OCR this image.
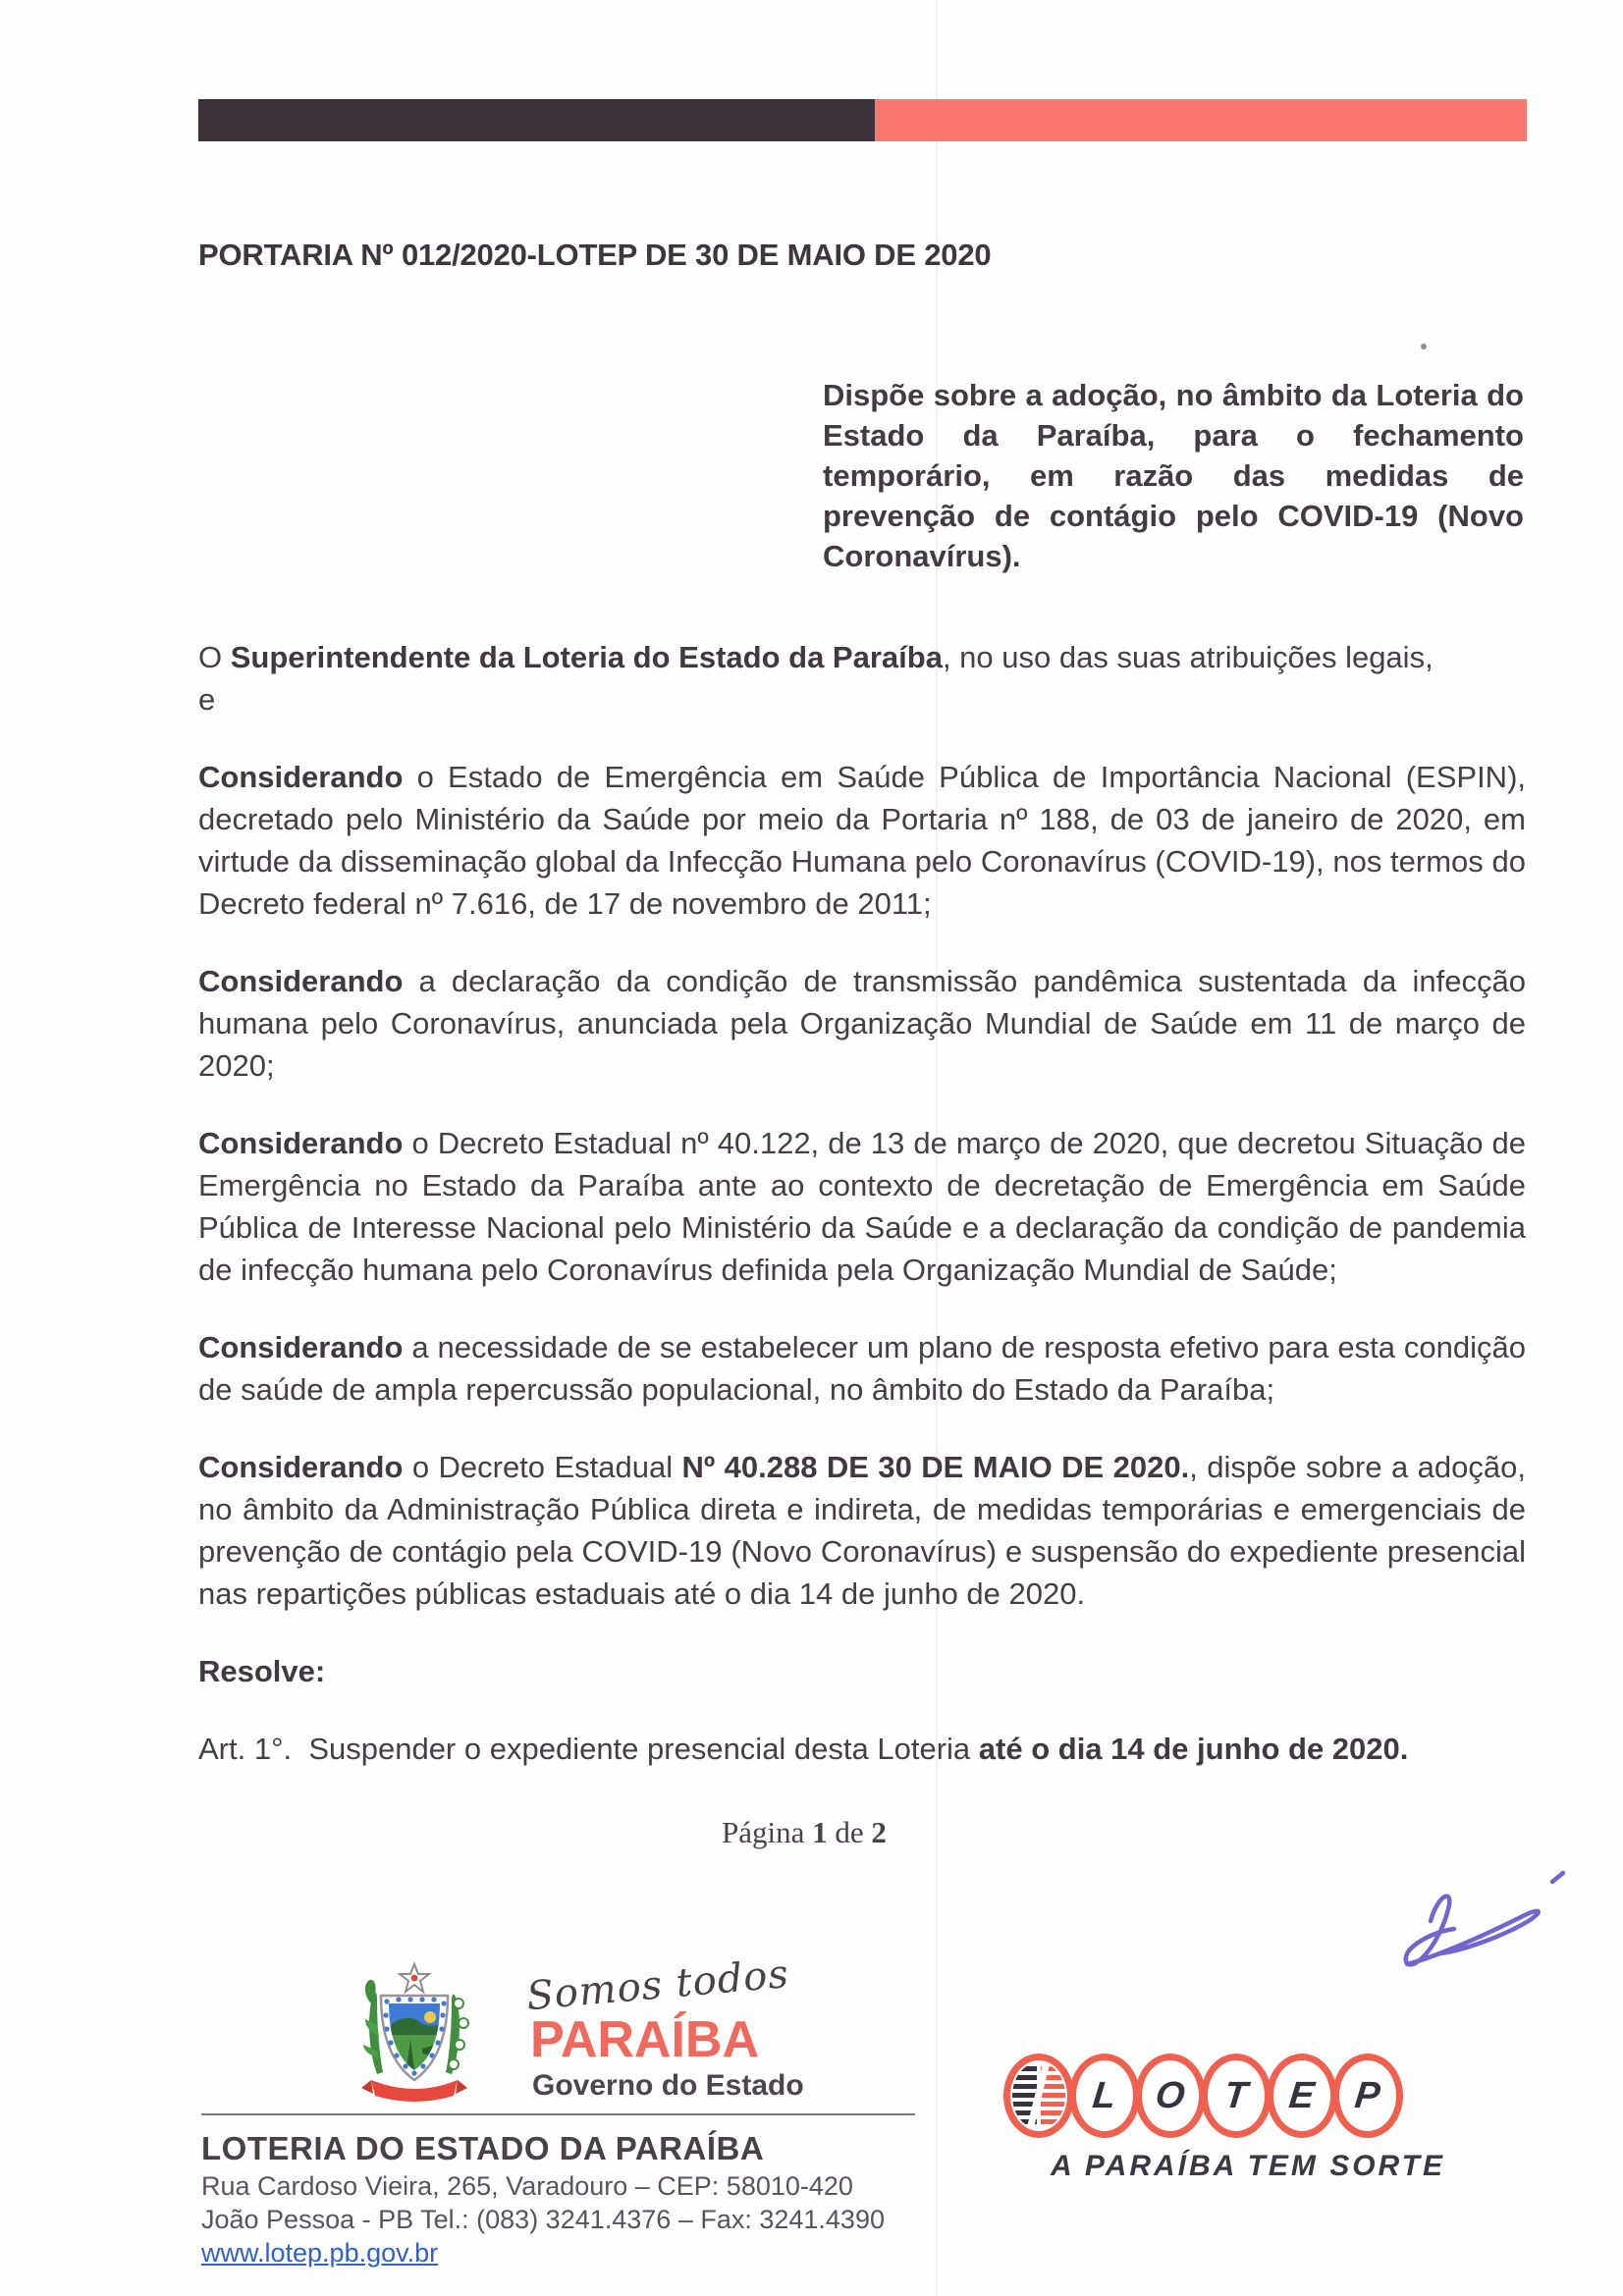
PORTARIA Nº 012/2020-LOTEP DE 30 DE MAIO DE 2020

Dispõe sobre a adoção, no âmbito da Loteria do Estado da Paraíba, para o fechamento temporário, em razão das medidas de prevenção de contágio pelo COVID-19 (Novo Coronavírus).

O Superintendente da Loteria do Estado da Paraíba, no uso das suas atribuições legais,
e

Considerando o Estado de Emergência em Saúde Pública de Importância Nacional (ESPIN), decretado pelo Ministério da Saúde por meio da Portaria nº 188, de 03 de janeiro de 2020, em virtude da disseminação global da Infecção Humana pelo Coronavírus (COVID-19), nos termos do Decreto federal nº 7.616, de 17 de novembro de 2011;

Considerando a declaração da condição de transmissão pandêmica sustentada da infecção humana pelo Coronavírus, anunciada pela Organização Mundial de Saúde em 11 de março de 2020;

Considerando o Decreto Estadual nº 40.122, de 13 de março de 2020, que decretou Situação de Emergência no Estado da Paraíba ante ao contexto de decretação de Emergência em Saúde Pública de Interesse Nacional pelo Ministério da Saúde e a declaração da condição de pandemia de infecção humana pelo Coronavírus definida pela Organização Mundial de Saúde;

Considerando a necessidade de se estabelecer um plano de resposta efetivo para esta condição de saúde de ampla repercussão populacional, no âmbito do Estado da Paraíba;

Considerando o Decreto Estadual Nº 40.288 DE 30 DE MAIO DE 2020., dispõe sobre a adoção, no âmbito da Administração Pública direta e indireta, de medidas temporárias e emergenciais de prevenção de contágio pela COVID-19 (Novo Coronavírus) e suspensão do expediente presencial nas repartições públicas estaduais até o dia 14 de junho de 2020.

Resolve:

Art. 1°.  Suspender o expediente presencial desta Loteria até o dia 14 de junho de 2020.

Página 1 de 2

Somos todos
PARAÍBA
Governo do Estado
LOTERIA DO ESTADO DA PARAÍBA
Rua Cardoso Vieira, 265, Varadouro – CEP: 58010-420
João Pessoa - PB Tel.: (083) 3241.4376 – Fax: 3241.4390
www.lotep.pb.gov.br
L O T E P
A PARAÍBA TEM SORTE
